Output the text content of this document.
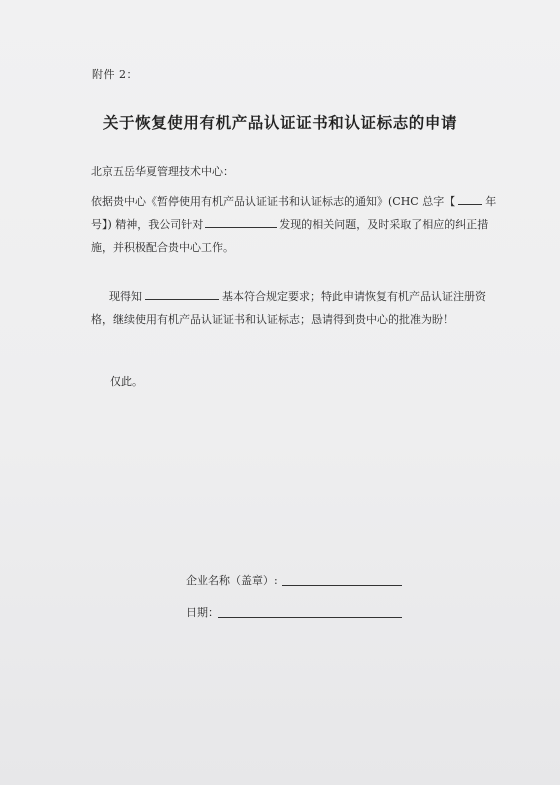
附件 2：
关于恢复使用有机产品认证证书和认证标志的申请
北京五岳华夏管理技术中心：
依据贵中心《暂停使用有机产品认证证书和认证标志的通知》(CHC 总字【	年
号】) 精神，我公司针对	发现的相关问题，及时采取了相应的纠正措
施，并积极配合贵中心工作。
现得知	基本符合规定要求；特此申请恢复有机产品认证注册资
格，继续使用有机产品认证证书和认证标志；恳请得到贵中心的批准为盼！
仅此。
企业名称（盖章）:
日期：
